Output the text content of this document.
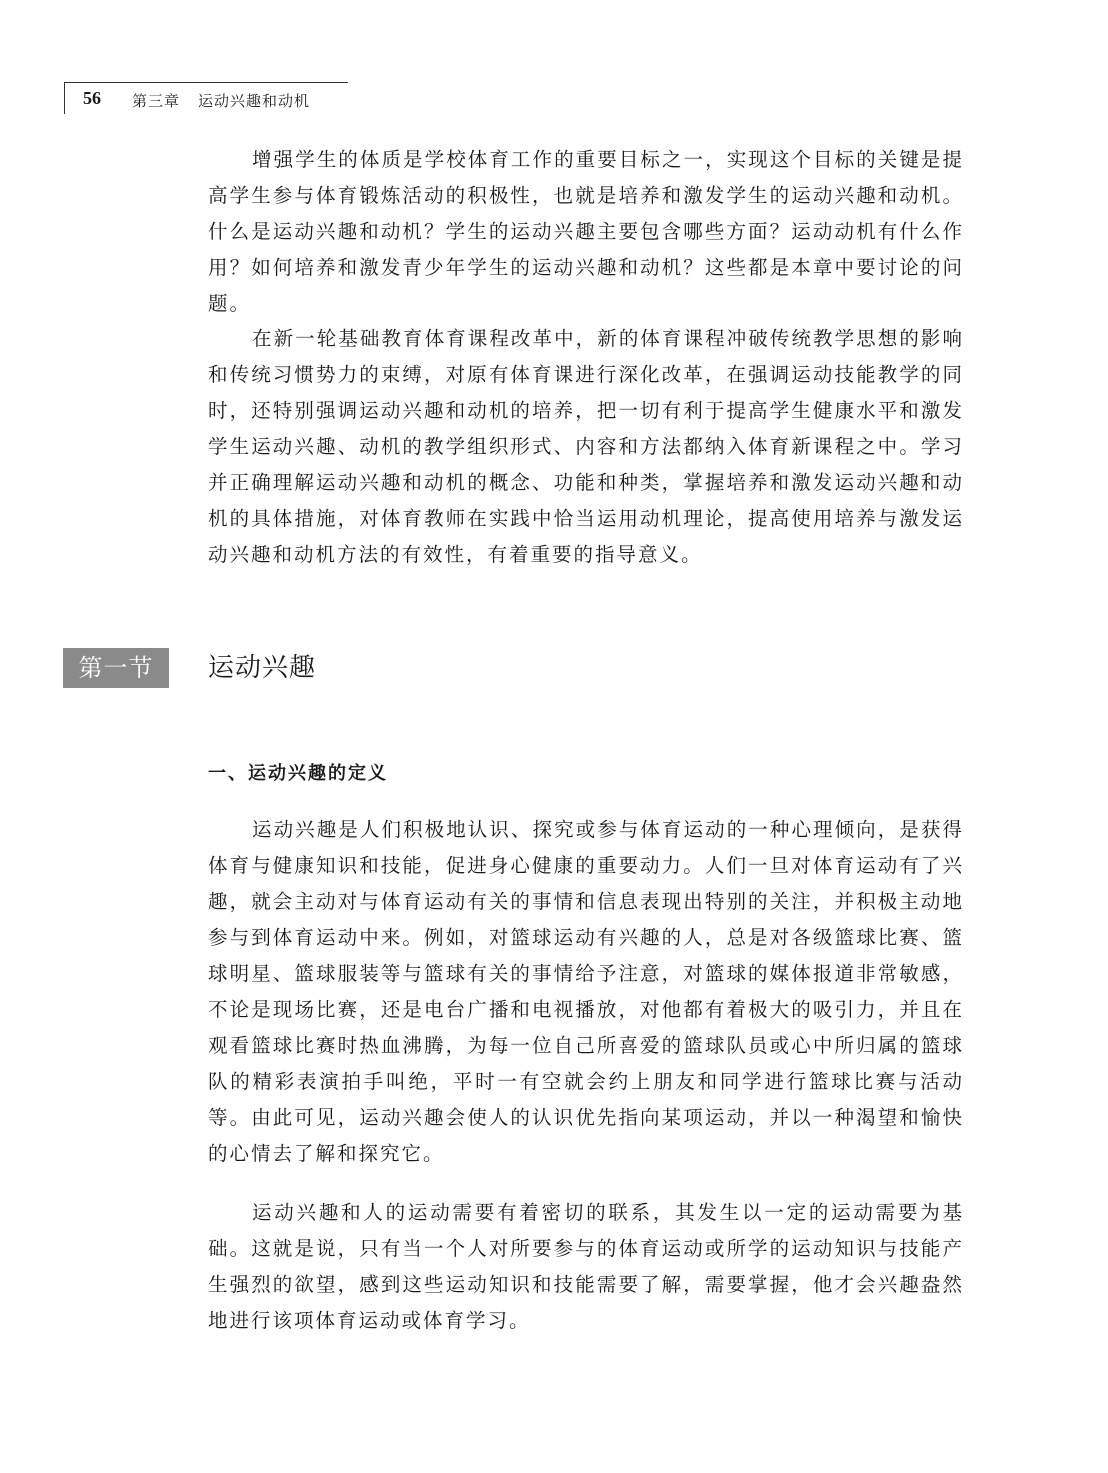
56 第三章 运动兴趣和动机

增强学生的体质是学校体育工作的重要目标之一，实现这个目标的关键是提高学生参与体育锻炼活动的积极性，也就是培养和激发学生的运动兴趣和动机。什么是运动兴趣和动机？学生的运动兴趣主要包含哪些方面？运动动机有什么作用？如何培养和激发青少年学生的运动兴趣和动机？这些都是本章中要讨论的问题。

在新一轮基础教育体育课程改革中，新的体育课程冲破传统教学思想的影响和传统习惯势力的束缚，对原有体育课进行深化改革，在强调运动技能教学的同时，还特别强调运动兴趣和动机的培养，把一切有利于提高学生健康水平和激发学生运动兴趣、动机的教学组织形式、内容和方法都纳入体育新课程之中。学习并正确理解运动兴趣和动机的概念、功能和种类，掌握培养和激发运动兴趣和动机的具体措施，对体育教师在实践中恰当运用动机理论，提高使用培养与激发运动兴趣和动机方法的有效性，有着重要的指导意义。

第一节	运动兴趣
一、运动兴趣的定义

运动兴趣是人们积极地认识、探究或参与体育运动的一种心理倾向，是获得体育与健康知识和技能，促进身心健康的重要动力。人们一旦对体育运动有了兴趣，就会主动对与体育运动有关的事情和信息表现出特别的关注，并积极主动地参与到体育运动中来。例如，对篮球运动有兴趣的人，总是对各级篮球比赛、篮球明星、篮球服装等与篮球有关的事情给予注意，对篮球的媒体报道非常敏感，不论是现场比赛，还是电台广播和电视播放，对他都有着极大的吸引力，并且在观看篮球比赛时热血沸腾，为每一位自己所喜爱的篮球队员或心中所归属的篮球队的精彩表演拍手叫绝，平时一有空就会约上朋友和同学进行篮球比赛与活动等。由此可见，运动兴趣会使人的认识优先指向某项运动，并以一种渴望和愉快的心情去了解和探究它。

运动兴趣和人的运动需要有着密切的联系，其发生以一定的运动需要为基础。这就是说，只有当一个人对所要参与的体育运动或所学的运动知识与技能产生强烈的欲望，感到这些运动知识和技能需要了解，需要掌握，他才会兴趣盎然地进行该项体育运动或体育学习。
